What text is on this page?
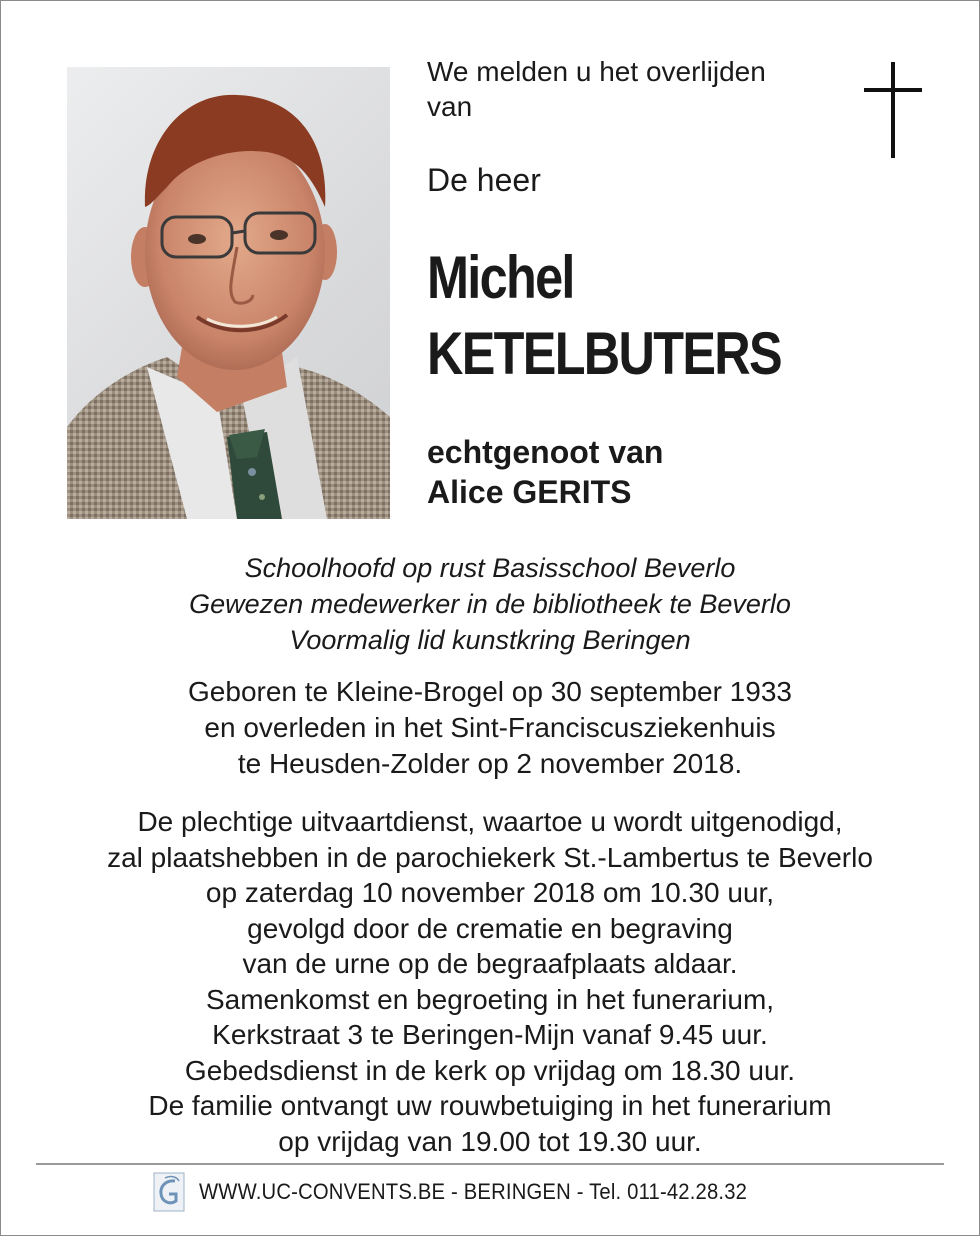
We melden u het overlijden
van
De heer
Michel
KETELBUTERS
echtgenoot van
Alice GERITS
Schoolhoofd op rust Basisschool Beverlo
Gewezen medewerker in de bibliotheek te Beverlo
Voormalig lid kunstkring Beringen
Geboren te Kleine-Brogel op 30 september 1933
en overleden in het Sint-Franciscusziekenhuis
te Heusden-Zolder op 2 november 2018.
De plechtige uitvaartdienst, waartoe u wordt uitgenodigd,
zal plaatshebben in de parochiekerk St.-Lambertus te Beverlo
op zaterdag 10 november 2018 om 10.30 uur,
gevolgd door de crematie en begraving
van de urne op de begraafplaats aldaar.
Samenkomst en begroeting in het funerarium,
Kerkstraat 3 te Beringen-Mijn vanaf 9.45 uur.
Gebedsdienst in de kerk op vrijdag om 18.30 uur.
De familie ontvangt uw rouwbetuiging in het funerarium
op vrijdag van 19.00 tot 19.30 uur.
WWW.UC-CONVENTS.BE - BERINGEN - Tel. 011-42.28.32
